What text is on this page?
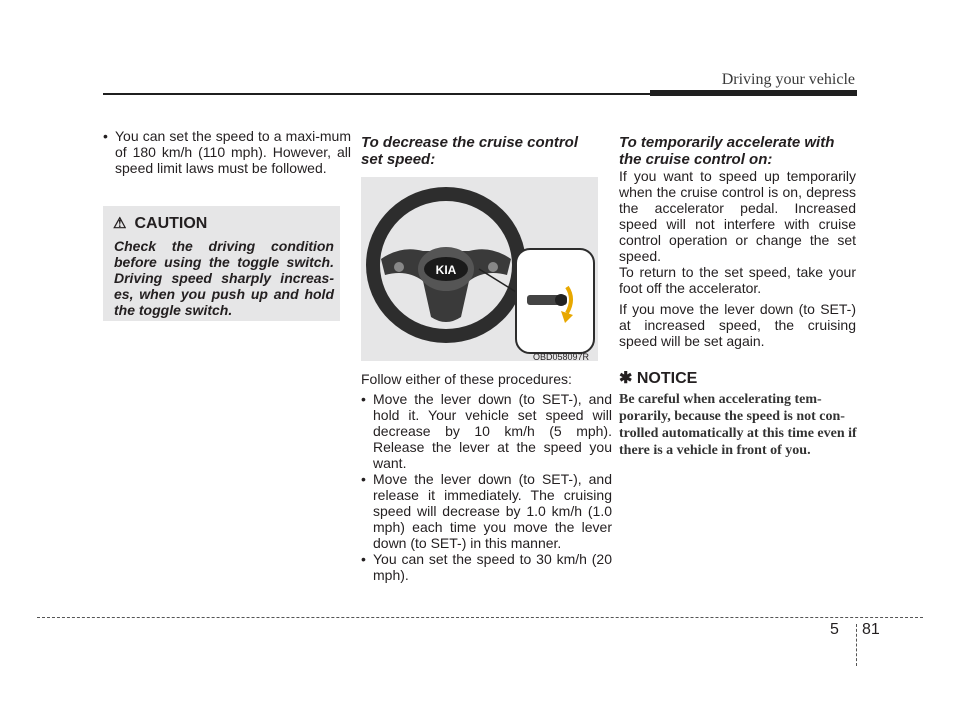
Driving your vehicle
• You can set the speed to a maxi-mum of 180 km/h (110 mph). However, all speed limit laws must be followed.
⚠ CAUTION
Check the driving condition before using the toggle switch. Driving speed sharply increas-es, when you push up and hold the toggle switch.
To decrease the cruise control set speed:
KIA
OBD058097R
Follow either of these procedures:
• Move the lever down (to SET-), and hold it. Your vehicle set speed will decrease by 10 km/h (5 mph). Release the lever at the speed you want.
• Move the lever down (to SET-), and release it immediately. The cruising speed will decrease by 1.0 km/h (1.0 mph) each time you move the lever down (to SET-) in this manner.
• You can set the speed to 30 km/h (20 mph).
To temporarily accelerate with the cruise control on:
If you want to speed up temporarily when the cruise control is on, depress the accelerator pedal. Increased speed will not interfere with cruise control operation or change the set speed.
To return to the set speed, take your foot off the accelerator.
If you move the lever down (to SET-) at increased speed, the cruising speed will be set again.
✱ NOTICE
Be careful when accelerating tem-porarily, because the speed is not con-trolled automatically at this time even if there is a vehicle in front of you.
5 81
